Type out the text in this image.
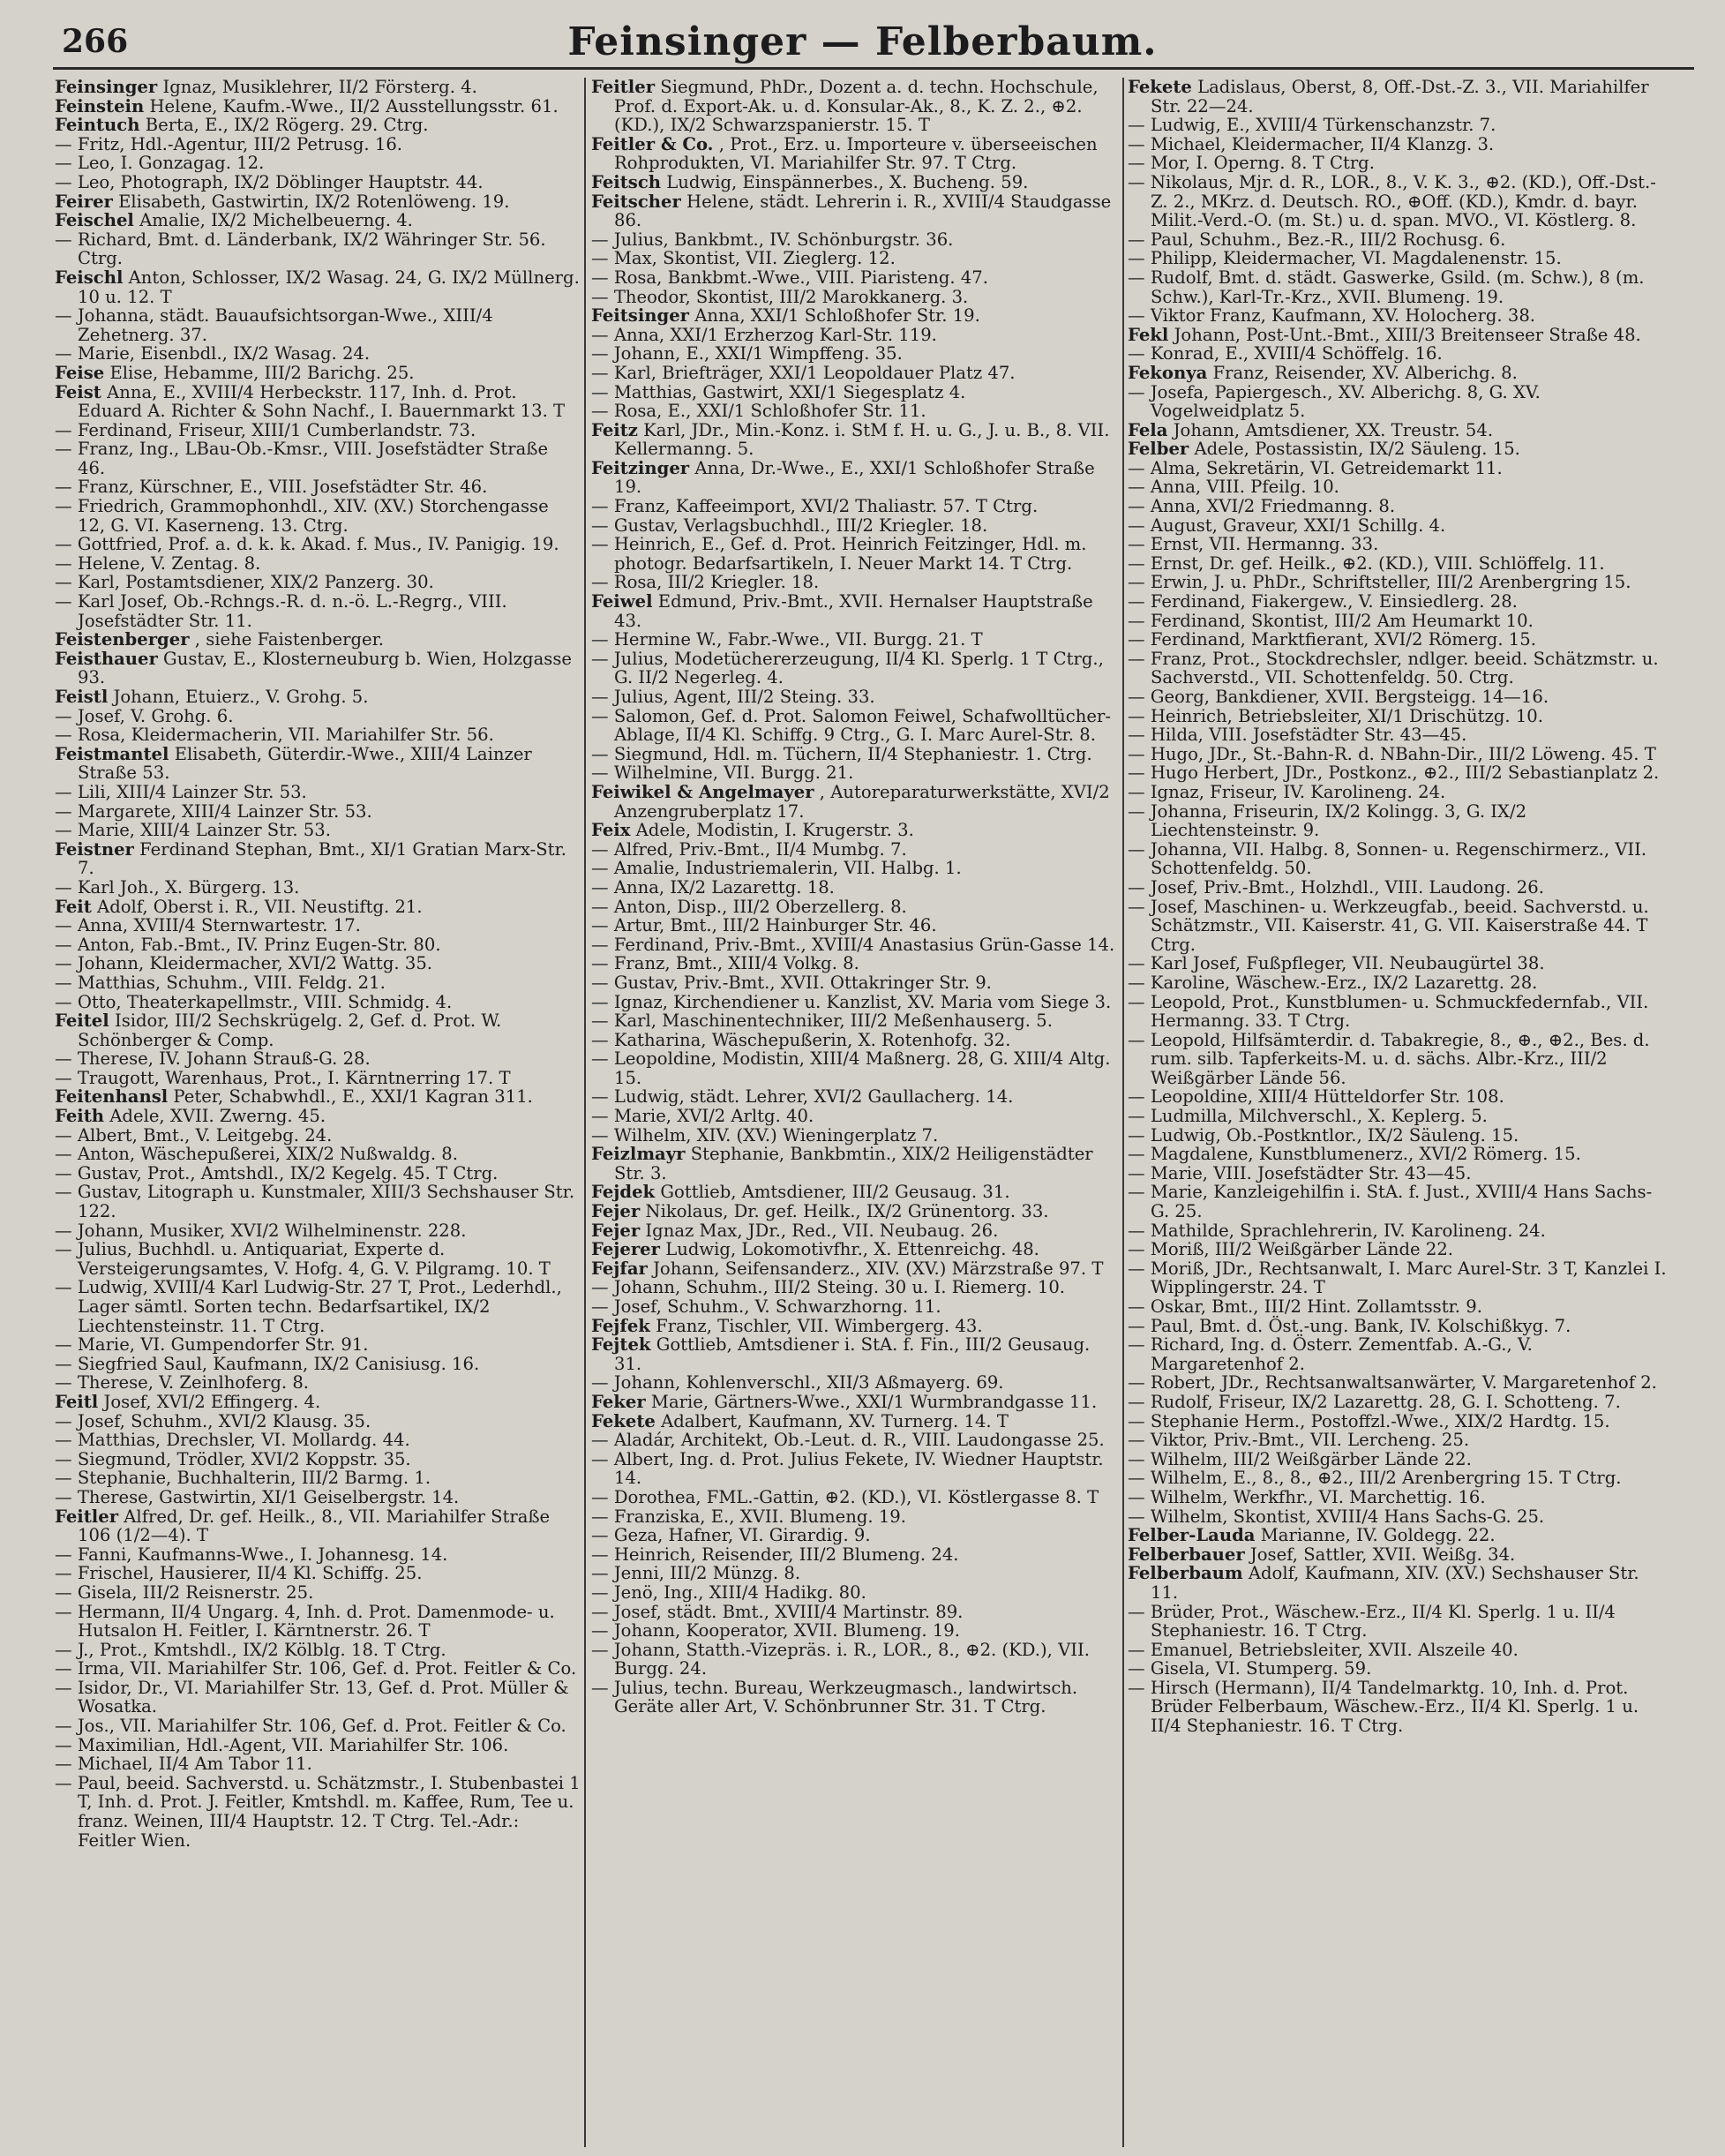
266	Feinsinger — Felberbaum.
Feinsinger Ignaz, Musiklehrer, II/2 Försterg. 4.
Feinstein Helene, Kaufm.-Wwe., II/2 Ausstellungsstr. 61.
Feintuch Berta, E., IX/2 Rögerg. 29. Ctrg.
— Fritz, Hdl.-Agentur, III/2 Petrusg. 16.
— Leo, I. Gonzagag. 12.
— Leo, Photograph, IX/2 Döblinger Hauptstr. 44.
Feirer Elisabeth, Gastwirtin, IX/2 Rotenlöweng. 19.
Feischel Amalie, IX/2 Michelbeuerng. 4.
— Richard, Bmt. d. Länderbank, IX/2 Währinger Str. 56. Ctrg.
Feischl Anton, Schlosser, IX/2 Wasag. 24, G. IX/2 Müllnerg. 10 u. 12. T
— Johanna, städt. Bauaufsichtsorgan-Wwe., XIII/4 Zehetnerg. 37.
— Marie, Eisenbdl., IX/2 Wasag. 24.
Feise Elise, Hebamme, III/2 Barichg. 25.
Feist Anna, E., XVIII/4 Herbeckstr. 117, Inh. d. Prot. Eduard A. Richter & Sohn Nachf., I. Bauernmarkt 13. T
— Ferdinand, Friseur, XIII/1 Cumberlandstr. 73.
— Franz, Ing., LBau-Ob.-Kmsr., VIII. Josefstädter Straße 46.
— Franz, Kürschner, E., VIII. Josefstädter Str. 46.
— Friedrich, Grammophonhdl., XIV. (XV.) Storchengasse 12, G. VI. Kaserneng. 13. Ctrg.
— Gottfried, Prof. a. d. k. k. Akad. f. Mus., IV. Panigig. 19.
— Helene, V. Zentag. 8.
— Karl, Postamtsdiener, XIX/2 Panzerg. 30.
— Karl Josef, Ob.-Rchngs.-R. d. n.-ö. L.-Regrg., VIII. Josefstädter Str. 11.
Feistenberger , siehe Faistenberger.
Feisthauer Gustav, E., Klosterneuburg b. Wien, Holzgasse 93.
Feistl Johann, Etuierz., V. Grohg. 5.
— Josef, V. Grohg. 6.
— Rosa, Kleidermacherin, VII. Mariahilfer Str. 56.
Feistmantel Elisabeth, Güterdir.-Wwe., XIII/4 Lainzer Straße 53.
— Lili, XIII/4 Lainzer Str. 53.
— Margarete, XIII/4 Lainzer Str. 53.
— Marie, XIII/4 Lainzer Str. 53.
Feistner Ferdinand Stephan, Bmt., XI/1 Gratian Marx-Str. 7.
— Karl Joh., X. Bürgerg. 13.
Feit Adolf, Oberst i. R., VII. Neustiftg. 21.
— Anna, XVIII/4 Sternwartestr. 17.
— Anton, Fab.-Bmt., IV. Prinz Eugen-Str. 80.
— Johann, Kleidermacher, XVI/2 Wattg. 35.
— Matthias, Schuhm., VIII. Feldg. 21.
— Otto, Theaterkapellmstr., VIII. Schmidg. 4.
Feitel Isidor, III/2 Sechskrügelg. 2, Gef. d. Prot. W. Schönberger & Comp.
— Therese, IV. Johann Strauß-G. 28.
— Traugott, Warenhaus, Prot., I. Kärntnerring 17. T
Feitenhansl Peter, Schabwhdl., E., XXI/1 Kagran 311.
Feith Adele, XVII. Zwerng. 45.
— Albert, Bmt., V. Leitgebg. 24.
— Anton, Wäschepußerei, XIX/2 Nußwaldg. 8.
— Gustav, Prot., Amtshdl., IX/2 Kegelg. 45. T Ctrg.
— Gustav, Litograph u. Kunstmaler, XIII/3 Sechshauser Str. 122.
— Johann, Musiker, XVI/2 Wilhelminenstr. 228.
— Julius, Buchhdl. u. Antiquariat, Experte d. Versteigerungsamtes, V. Hofg. 4, G. V. Pilgramg. 10. T
— Ludwig, XVIII/4 Karl Ludwig-Str. 27 T, Prot., Lederhdl., Lager sämtl. Sorten techn. Bedarfsartikel, IX/2 Liechtensteinstr. 11. T Ctrg.
— Marie, VI. Gumpendorfer Str. 91.
— Siegfried Saul, Kaufmann, IX/2 Canisiusg. 16.
— Therese, V. Zeinlhoferg. 8.
Feitl Josef, XVI/2 Effingerg. 4.
— Josef, Schuhm., XVI/2 Klausg. 35.
— Matthias, Drechsler, VI. Mollardg. 44.
— Siegmund, Trödler, XVI/2 Koppstr. 35.
— Stephanie, Buchhalterin, III/2 Barmg. 1.
— Therese, Gastwirtin, XI/1 Geiselbergstr. 14.
Feitler Alfred, Dr. gef. Heilk., 8., VII. Mariahilfer Straße 106 (1/2—4). T
— Fanni, Kaufmanns-Wwe., I. Johannesg. 14.
— Frischel, Hausierer, II/4 Kl. Schiffg. 25.
— Gisela, III/2 Reisnerstr. 25.
— Hermann, II/4 Ungarg. 4, Inh. d. Prot. Damenmode- u. Hutsalon H. Feitler, I. Kärntnerstr. 26. T
— J., Prot., Kmtshdl., IX/2 Kölblg. 18. T Ctrg.
— Irma, VII. Mariahilfer Str. 106, Gef. d. Prot. Feitler & Co.
— Isidor, Dr., VI. Mariahilfer Str. 13, Gef. d. Prot. Müller & Wosatka.
— Jos., VII. Mariahilfer Str. 106, Gef. d. Prot. Feitler & Co.
— Maximilian, Hdl.-Agent, VII. Mariahilfer Str. 106.
— Michael, II/4 Am Tabor 11.
— Paul, beeid. Sachverstd. u. Schätzmstr., I. Stubenbastei 1 T, Inh. d. Prot. J. Feitler, Kmtshdl. m. Kaffee, Rum, Tee u. franz. Weinen, III/4 Hauptstr. 12. T Ctrg. Tel.-Adr.: Feitler Wien.
Feitler Siegmund, PhDr., Dozent a. d. techn. Hochschule, Prof. d. Export-Ak. u. d. Konsular-Ak., 8., K. Z. 2., ⊕2. (KD.), IX/2 Schwarzspanierstr. 15. T
Feitler & Co. , Prot., Erz. u. Importeure v. überseeischen Rohprodukten, VI. Mariahilfer Str. 97. T Ctrg.
Feitsch Ludwig, Einspännerbes., X. Bucheng. 59.
Feitscher Helene, städt. Lehrerin i. R., XVIII/4 Staudgasse 86.
— Julius, Bankbmt., IV. Schönburgstr. 36.
— Max, Skontist, VII. Zieglerg. 12.
— Rosa, Bankbmt.-Wwe., VIII. Piaristeng. 47.
— Theodor, Skontist, III/2 Marokkanerg. 3.
Feitsinger Anna, XXI/1 Schloßhofer Str. 19.
— Anna, XXI/1 Erzherzog Karl-Str. 119.
— Johann, E., XXI/1 Wimpffeng. 35.
— Karl, Briefträger, XXI/1 Leopoldauer Platz 47.
— Matthias, Gastwirt, XXI/1 Siegesplatz 4.
— Rosa, E., XXI/1 Schloßhofer Str. 11.
Feitz Karl, JDr., Min.-Konz. i. StM f. H. u. G., J. u. B., 8. VII. Kellermanng. 5.
Feitzinger Anna, Dr.-Wwe., E., XXI/1 Schloßhofer Straße 19.
— Franz, Kaffeeimport, XVI/2 Thaliastr. 57. T Ctrg.
— Gustav, Verlagsbuchhdl., III/2 Kriegler. 18.
— Heinrich, E., Gef. d. Prot. Heinrich Feitzinger, Hdl. m. photogr. Bedarfsartikeln, I. Neuer Markt 14. T Ctrg.
— Rosa, III/2 Kriegler. 18.
Feiwel Edmund, Priv.-Bmt., XVII. Hernalser Hauptstraße 43.
— Hermine W., Fabr.-Wwe., VII. Burgg. 21. T
— Julius, Modetüchererzeugung, II/4 Kl. Sperlg. 1 T Ctrg., G. II/2 Negerleg. 4.
— Julius, Agent, III/2 Steing. 33.
— Salomon, Gef. d. Prot. Salomon Feiwel, Schafwolltücher-Ablage, II/4 Kl. Schiffg. 9 Ctrg., G. I. Marc Aurel-Str. 8.
— Siegmund, Hdl. m. Tüchern, II/4 Stephaniestr. 1. Ctrg.
— Wilhelmine, VII. Burgg. 21.
Feiwikel & Angelmayer , Autoreparaturwerkstätte, XVI/2 Anzengruberplatz 17.
Feix Adele, Modistin, I. Krugerstr. 3.
— Alfred, Priv.-Bmt., II/4 Mumbg. 7.
— Amalie, Industriemalerin, VII. Halbg. 1.
— Anna, IX/2 Lazarettg. 18.
— Anton, Disp., III/2 Oberzellerg. 8.
— Artur, Bmt., III/2 Hainburger Str. 46.
— Ferdinand, Priv.-Bmt., XVIII/4 Anastasius Grün-Gasse 14.
— Franz, Bmt., XIII/4 Volkg. 8.
— Gustav, Priv.-Bmt., XVII. Ottakringer Str. 9.
— Ignaz, Kirchendiener u. Kanzlist, XV. Maria vom Siege 3.
— Karl, Maschinentechniker, III/2 Meßenhauserg. 5.
— Katharina, Wäschepußerin, X. Rotenhofg. 32.
— Leopoldine, Modistin, XIII/4 Maßnerg. 28, G. XIII/4 Altg. 15.
— Ludwig, städt. Lehrer, XVI/2 Gaullacherg. 14.
— Marie, XVI/2 Arltg. 40.
— Wilhelm, XIV. (XV.) Wieningerplatz 7.
Feizlmayr Stephanie, Bankbmtin., XIX/2 Heiligenstädter Str. 3.
Fejdek Gottlieb, Amtsdiener, III/2 Geusaug. 31.
Fejer Nikolaus, Dr. gef. Heilk., IX/2 Grünentorg. 33.
Fejer Ignaz Max, JDr., Red., VII. Neubaug. 26.
Fejerer Ludwig, Lokomotivfhr., X. Ettenreichg. 48.
Fejfar Johann, Seifensanderz., XIV. (XV.) Märzstraße 97. T
— Johann, Schuhm., III/2 Steing. 30 u. I. Riemerg. 10.
— Josef, Schuhm., V. Schwarzhorng. 11.
Fejfek Franz, Tischler, VII. Wimbergerg. 43.
Fejtek Gottlieb, Amtsdiener i. StA. f. Fin., III/2 Geusaug. 31.
— Johann, Kohlenverschl., XII/3 Aßmayerg. 69.
Feker Marie, Gärtners-Wwe., XXI/1 Wurmbrandgasse 11.
Fekete Adalbert, Kaufmann, XV. Turnerg. 14. T
— Aladár, Architekt, Ob.-Leut. d. R., VIII. Laudongasse 25.
— Albert, Ing. d. Prot. Julius Fekete, IV. Wiedner Hauptstr. 14.
— Dorothea, FML.-Gattin, ⊕2. (KD.), VI. Köstlergasse 8. T
— Franziska, E., XVII. Blumeng. 19.
— Geza, Hafner, VI. Girardig. 9.
— Heinrich, Reisender, III/2 Blumeng. 24.
— Jenni, III/2 Münzg. 8.
— Jenö, Ing., XIII/4 Hadikg. 80.
— Josef, städt. Bmt., XVIII/4 Martinstr. 89.
— Johann, Kooperator, XVII. Blumeng. 19.
— Johann, Statth.-Vizepräs. i. R., LOR., 8., ⊕2. (KD.), VII. Burgg. 24.
— Julius, techn. Bureau, Werkzeugmasch., landwirtsch. Geräte aller Art, V. Schönbrunner Str. 31. T Ctrg.
Fekete Ladislaus, Oberst, 8, Off.-Dst.-Z. 3., VII. Mariahilfer Str. 22—24.
— Ludwig, E., XVIII/4 Türkenschanzstr. 7.
— Michael, Kleidermacher, II/4 Klanzg. 3.
— Mor, I. Operng. 8. T Ctrg.
— Nikolaus, Mjr. d. R., LOR., 8., V. K. 3., ⊕2. (KD.), Off.-Dst.-Z. 2., MKrz. d. Deutsch. RO., ⊕Off. (KD.), Kmdr. d. bayr. Milit.-Verd.-O. (m. St.) u. d. span. MVO., VI. Köstlerg. 8.
— Paul, Schuhm., Bez.-R., III/2 Rochusg. 6.
— Philipp, Kleidermacher, VI. Magdalenenstr. 15.
— Rudolf, Bmt. d. städt. Gaswerke, Gsild. (m. Schw.), 8 (m. Schw.), Karl-Tr.-Krz., XVII. Blumeng. 19.
— Viktor Franz, Kaufmann, XV. Holocherg. 38.
Fekl Johann, Post-Unt.-Bmt., XIII/3 Breitenseer Straße 48.
— Konrad, E., XVIII/4 Schöffelg. 16.
Fekonya Franz, Reisender, XV. Alberichg. 8.
— Josefa, Papiergesch., XV. Alberichg. 8, G. XV. Vogelweidplatz 5.
Fela Johann, Amtsdiener, XX. Treustr. 54.
Felber Adele, Postassistin, IX/2 Säuleng. 15.
— Alma, Sekretärin, VI. Getreidemarkt 11.
— Anna, VIII. Pfeilg. 10.
— Anna, XVI/2 Friedmanng. 8.
— August, Graveur, XXI/1 Schillg. 4.
— Ernst, VII. Hermanng. 33.
— Ernst, Dr. gef. Heilk., ⊕2. (KD.), VIII. Schlöffelg. 11.
— Erwin, J. u. PhDr., Schriftsteller, III/2 Arenbergring 15.
— Ferdinand, Fiakergew., V. Einsiedlerg. 28.
— Ferdinand, Skontist, III/2 Am Heumarkt 10.
— Ferdinand, Marktfierant, XVI/2 Römerg. 15.
— Franz, Prot., Stockdrechsler, ndlger. beeid. Schätzmstr. u. Sachverstd., VII. Schottenfeldg. 50. Ctrg.
— Georg, Bankdiener, XVII. Bergsteigg. 14—16.
— Heinrich, Betriebsleiter, XI/1 Drischützg. 10.
— Hilda, VIII. Josefstädter Str. 43—45.
— Hugo, JDr., St.-Bahn-R. d. NBahn-Dir., III/2 Löweng. 45. T
— Hugo Herbert, JDr., Postkonz., ⊕2., III/2 Sebastianplatz 2.
— Ignaz, Friseur, IV. Karolineng. 24.
— Johanna, Friseurin, IX/2 Kolingg. 3, G. IX/2 Liechtensteinstr. 9.
— Johanna, VII. Halbg. 8, Sonnen- u. Regenschirmerz., VII. Schottenfeldg. 50.
— Josef, Priv.-Bmt., Holzhdl., VIII. Laudong. 26.
— Josef, Maschinen- u. Werkzeugfab., beeid. Sachverstd. u. Schätzmstr., VII. Kaiserstr. 41, G. VII. Kaiserstraße 44. T Ctrg.
— Karl Josef, Fußpfleger, VII. Neubaugürtel 38.
— Karoline, Wäschew.-Erz., IX/2 Lazarettg. 28.
— Leopold, Prot., Kunstblumen- u. Schmuckfedernfab., VII. Hermanng. 33. T Ctrg.
— Leopold, Hilfsämterdir. d. Tabakregie, 8., ⊕., ⊕2., Bes. d. rum. silb. Tapferkeits-M. u. d. sächs. Albr.-Krz., III/2 Weißgärber Lände 56.
— Leopoldine, XIII/4 Hütteldorfer Str. 108.
— Ludmilla, Milchverschl., X. Keplerg. 5.
— Ludwig, Ob.-Postkntlor., IX/2 Säuleng. 15.
— Magdalene, Kunstblumenerz., XVI/2 Römerg. 15.
— Marie, VIII. Josefstädter Str. 43—45.
— Marie, Kanzleigehilfin i. StA. f. Just., XVIII/4 Hans Sachs-G. 25.
— Mathilde, Sprachlehrerin, IV. Karolineng. 24.
— Moriß, III/2 Weißgärber Lände 22.
— Moriß, JDr., Rechtsanwalt, I. Marc Aurel-Str. 3 T, Kanzlei I. Wipplingerstr. 24. T
— Oskar, Bmt., III/2 Hint. Zollamtsstr. 9.
— Paul, Bmt. d. Öst.-ung. Bank, IV. Kolschißkyg. 7.
— Richard, Ing. d. Österr. Zementfab. A.-G., V. Margaretenhof 2.
— Robert, JDr., Rechtsanwaltsanwärter, V. Margaretenhof 2.
— Rudolf, Friseur, IX/2 Lazarettg. 28, G. I. Schotteng. 7.
— Stephanie Herm., Postoffzl.-Wwe., XIX/2 Hardtg. 15.
— Viktor, Priv.-Bmt., VII. Lercheng. 25.
— Wilhelm, III/2 Weißgärber Lände 22.
— Wilhelm, E., 8., 8., ⊕2., III/2 Arenbergring 15. T Ctrg.
— Wilhelm, Werkfhr., VI. Marchettig. 16.
— Wilhelm, Skontist, XVIII/4 Hans Sachs-G. 25.
Felber-Lauda Marianne, IV. Goldegg. 22.
Felberbauer Josef, Sattler, XVII. Weißg. 34.
Felberbaum Adolf, Kaufmann, XIV. (XV.) Sechshauser Str. 11.
— Brüder, Prot., Wäschew.-Erz., II/4 Kl. Sperlg. 1 u. II/4 Stephaniestr. 16. T Ctrg.
— Emanuel, Betriebsleiter, XVII. Alszeile 40.
— Gisela, VI. Stumperg. 59.
— Hirsch (Hermann), II/4 Tandelmarktg. 10, Inh. d. Prot. Brüder Felberbaum, Wäschew.-Erz., II/4 Kl. Sperlg. 1 u. II/4 Stephaniestr. 16. T Ctrg.
